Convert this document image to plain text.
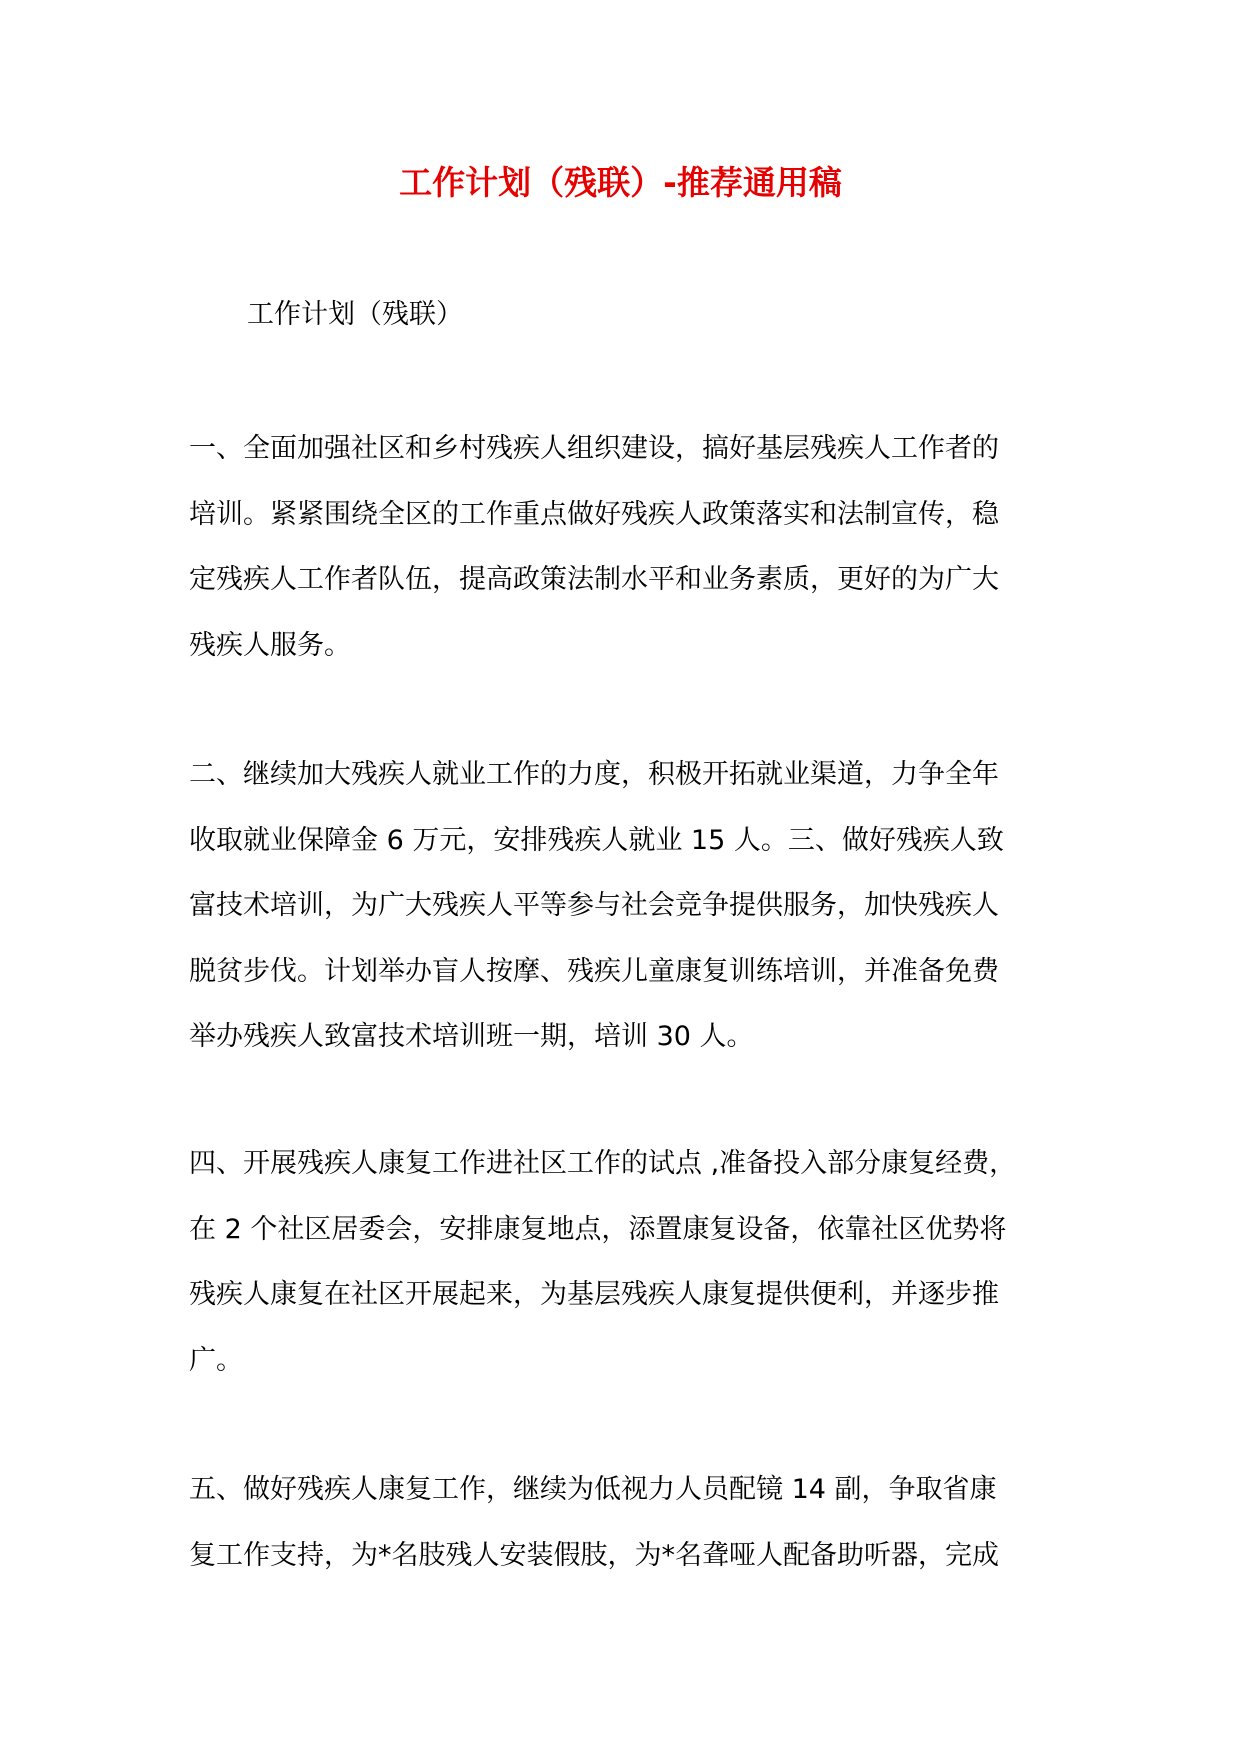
工作计划（残联）-推荐通用稿

工作计划（残联）

一、全面加强社区和乡村残疾人组织建设，搞好基层残疾人工作者的
培训。紧紧围绕全区的工作重点做好残疾人政策落实和法制宣传，稳
定残疾人工作者队伍，提高政策法制水平和业务素质，更好的为广大
残疾人服务。
二、继续加大残疾人就业工作的力度，积极开拓就业渠道，力争全年
收取就业保障金 6 万元，安排残疾人就业 15 人。三、做好残疾人致
富技术培训，为广大残疾人平等参与社会竞争提供服务，加快残疾人
脱贫步伐。计划举办盲人按摩、残疾儿童康复训练培训，并准备免费
举办残疾人致富技术培训班一期，培训 30 人。
四、开展残疾人康复工作进社区工作的试点 ,准备投入部分康复经费，
在 2 个社区居委会，安排康复地点，添置康复设备，依靠社区优势将
残疾人康复在社区开展起来，为基层残疾人康复提供便利，并逐步推
广。
五、做好残疾人康复工作，继续为低视力人员配镜 14 副，争取省康
复工作支持，为*名肢残人安装假肢，为*名聋哑人配备助听器，完成
